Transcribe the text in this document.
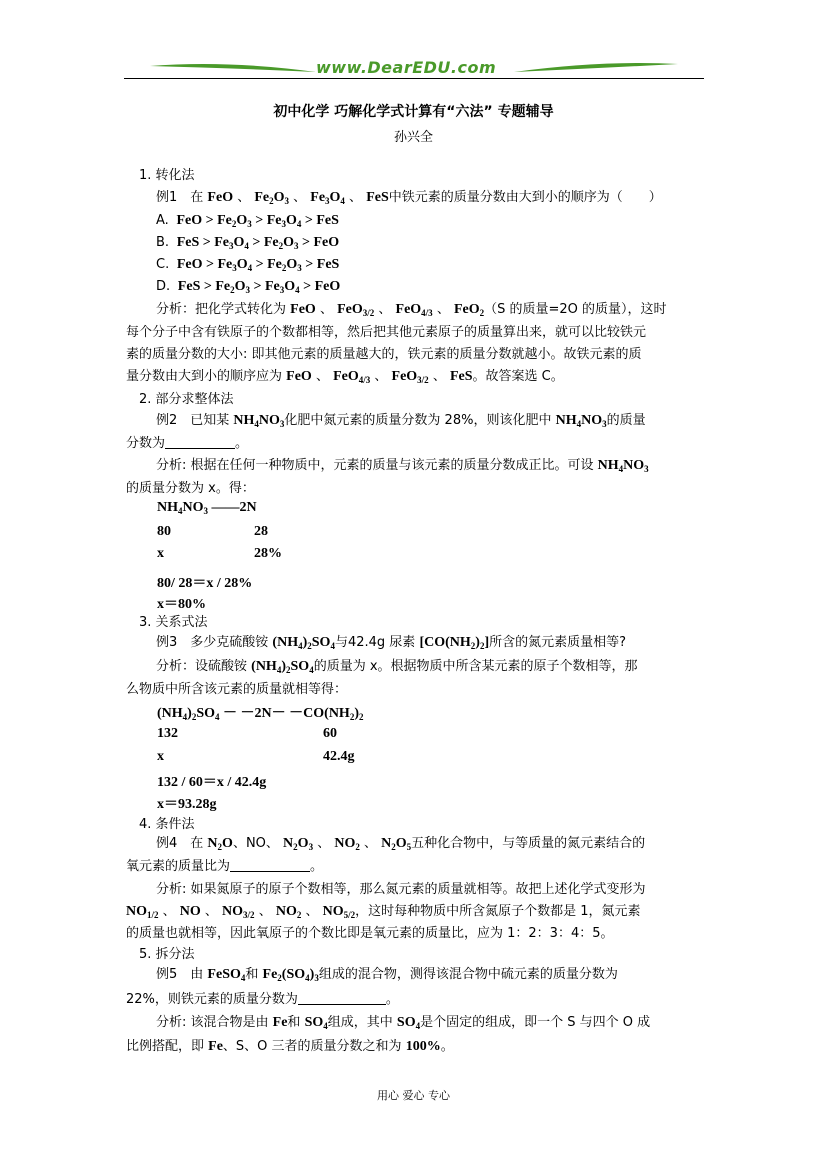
www.DearEDU.com
初中化学 巧解化学式计算有“六法” 专题辅导
孙兴全
1. 转化法
例1　在 FeO 、 $Fe_2O_3$ 、 $Fe_3O_4$ 、 FeS中铁元素的质量分数由大到小的顺序为（　　）
A.  FeO > $Fe_2O_3 > Fe_3O_4$ > FeS
B.  FeS > $Fe_3O_4 > Fe_2O_3$ > FeO
C.  FeO > $Fe_3O_4 > Fe_2O_3$ > FeS
D.  FeS > $Fe_2O_3 > Fe_3O_4$ > FeO
分析：把化学式转化为 FeO 、 FeO$_{3/2}$ 、 FeO$_{4/3}$ 、 FeO$_2$（S 的质量=2O 的质量），这时
每个分子中含有铁原子的个数都相等，然后把其他元素原子的质量算出来，就可以比较铁元
素的质量分数的大小: 即其他元素的质量越大的，铁元素的质量分数就越小。故铁元素的质
量分数由大到小的顺序应为 FeO 、 FeO$_{4/3}$ 、 FeO$_{3/2}$ 、 FeS。故答案选 C。
2. 部分求整体法
例2　已知某 $NH_4NO_3$化肥中氮元素的质量分数为 28%，则该化肥中 $NH_4NO_3$的质量
分数为	。
分析: 根据在任何一种物质中，元素的质量与该元素的质量分数成正比。可设 $NH_4NO_3$
的质量分数为 x。得：
$NH_4NO_3$ ——2N
80	28
x	28%
80/ 28＝x / 28%
x＝80%
3. 关系式法
例3　多少克硫酸铵 $(NH_4)_2SO_4$与42.4g 尿素 $[CO(NH_2)_2]$所含的氮元素质量相等?
分析：设硫酸铵 $(NH_4)_2SO_4$的质量为 x。根据物质中所含某元素的原子个数相等，那
么物质中所含该元素的质量就相等得：
$(NH_4)_2SO_4 - -2N- -CO(NH_2)_2$
132	60
x	42.4g
132 / 60＝x / 42.4g
x＝93.28g
4. 条件法
例4　在 $N_2O$、NO、 $N_2O_3$ 、 $NO_2$ 、 $N_2O_5$五种化合物中，与等质量的氮元素结合的
氧元素的质量比为	。
分析: 如果氮原子的原子个数相等，那么氮元素的质量就相等。故把上述化学式变形为
$NO_{1/2}$ 、 NO 、 $NO_{3/2}$ 、 $NO_2$ 、 $NO_{5/2}$，这时每种物质中所含氮原子个数都是 1，氮元素
的质量也就相等，因此氧原子的个数比即是氧元素的质量比，应为 1：2：3：4：5。
5. 拆分法
例5　由 FeSO$_4$和 $Fe_2(SO_4)_3$组成的混合物，测得该混合物中硫元素的质量分数为
22%，则铁元素的质量分数为	。
分析: 该混合物是由 Fe和 $SO_4$组成，其中 $SO_4$是个固定的组成，即一个 S 与四个 O 成
比例搭配，即 Fe、S、O 三者的质量分数之和为 100%。
用心 爱心 专心
